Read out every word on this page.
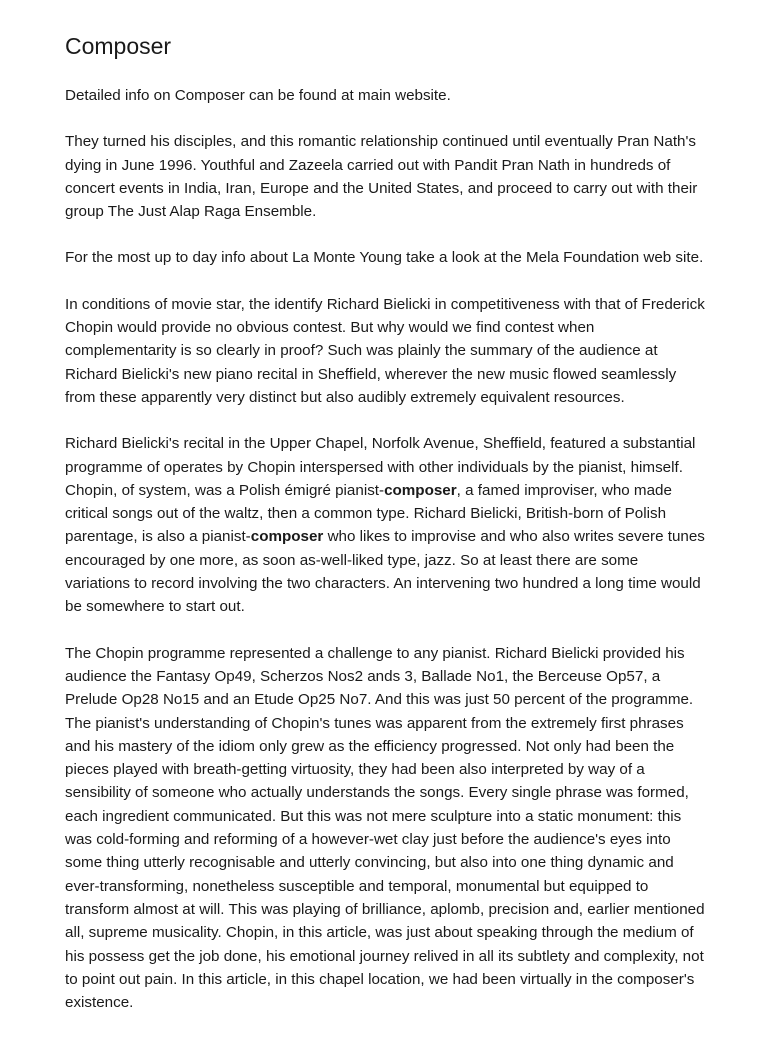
Composer

Detailed info on Composer can be found at main website.

They turned his disciples, and this romantic relationship continued until eventually Pran Nath's dying in June 1996. Youthful and Zazeela carried out with Pandit Pran Nath in hundreds of concert events in India, Iran, Europe and the United States, and proceed to carry out with their group The Just Alap Raga Ensemble.

For the most up to day info about La Monte Young take a look at the Mela Foundation web site.

In conditions of movie star, the identify Richard Bielicki in competitiveness with that of Frederick Chopin would provide no obvious contest. But why would we find contest when complementarity is so clearly in proof? Such was plainly the summary of the audience at Richard Bielicki's new piano recital in Sheffield, wherever the new music flowed seamlessly from these apparently very distinct but also audibly extremely equivalent resources.

Richard Bielicki's recital in the Upper Chapel, Norfolk Avenue, Sheffield, featured a substantial programme of operates by Chopin interspersed with other individuals by the pianist, himself. Chopin, of system, was a Polish émigré pianist-composer, a famed improviser, who made critical songs out of the waltz, then a common type. Richard Bielicki, British-born of Polish parentage, is also a pianist-composer who likes to improvise and who also writes severe tunes encouraged by one more, as soon as-well-liked type, jazz. So at least there are some variations to record involving the two characters. An intervening two hundred a long time would be somewhere to start out.

The Chopin programme represented a challenge to any pianist. Richard Bielicki provided his audience the Fantasy Op49, Scherzos Nos2 ands 3, Ballade No1, the Berceuse Op57, a Prelude Op28 No15 and an Etude Op25 No7. And this was just 50 percent of the programme. The pianist's understanding of Chopin's tunes was apparent from the extremely first phrases and his mastery of the idiom only grew as the efficiency progressed. Not only had been the pieces played with breath-getting virtuosity, they had been also interpreted by way of a sensibility of someone who actually understands the songs. Every single phrase was formed, each ingredient communicated. But this was not mere sculpture into a static monument: this was cold-forming and reforming of a however-wet clay just before the audience's eyes into some thing utterly recognisable and utterly convincing, but also into one thing dynamic and ever-transforming, nonetheless susceptible and temporal, monumental but equipped to transform almost at will. This was playing of brilliance, aplomb, precision and, earlier mentioned all, supreme musicality. Chopin, in this article, was just about speaking through the medium of his possess get the job done, his emotional journey relived in all its subtlety and complexity, not to point out pain. In this article, in this chapel location, we had been virtually in the composer's existence.
